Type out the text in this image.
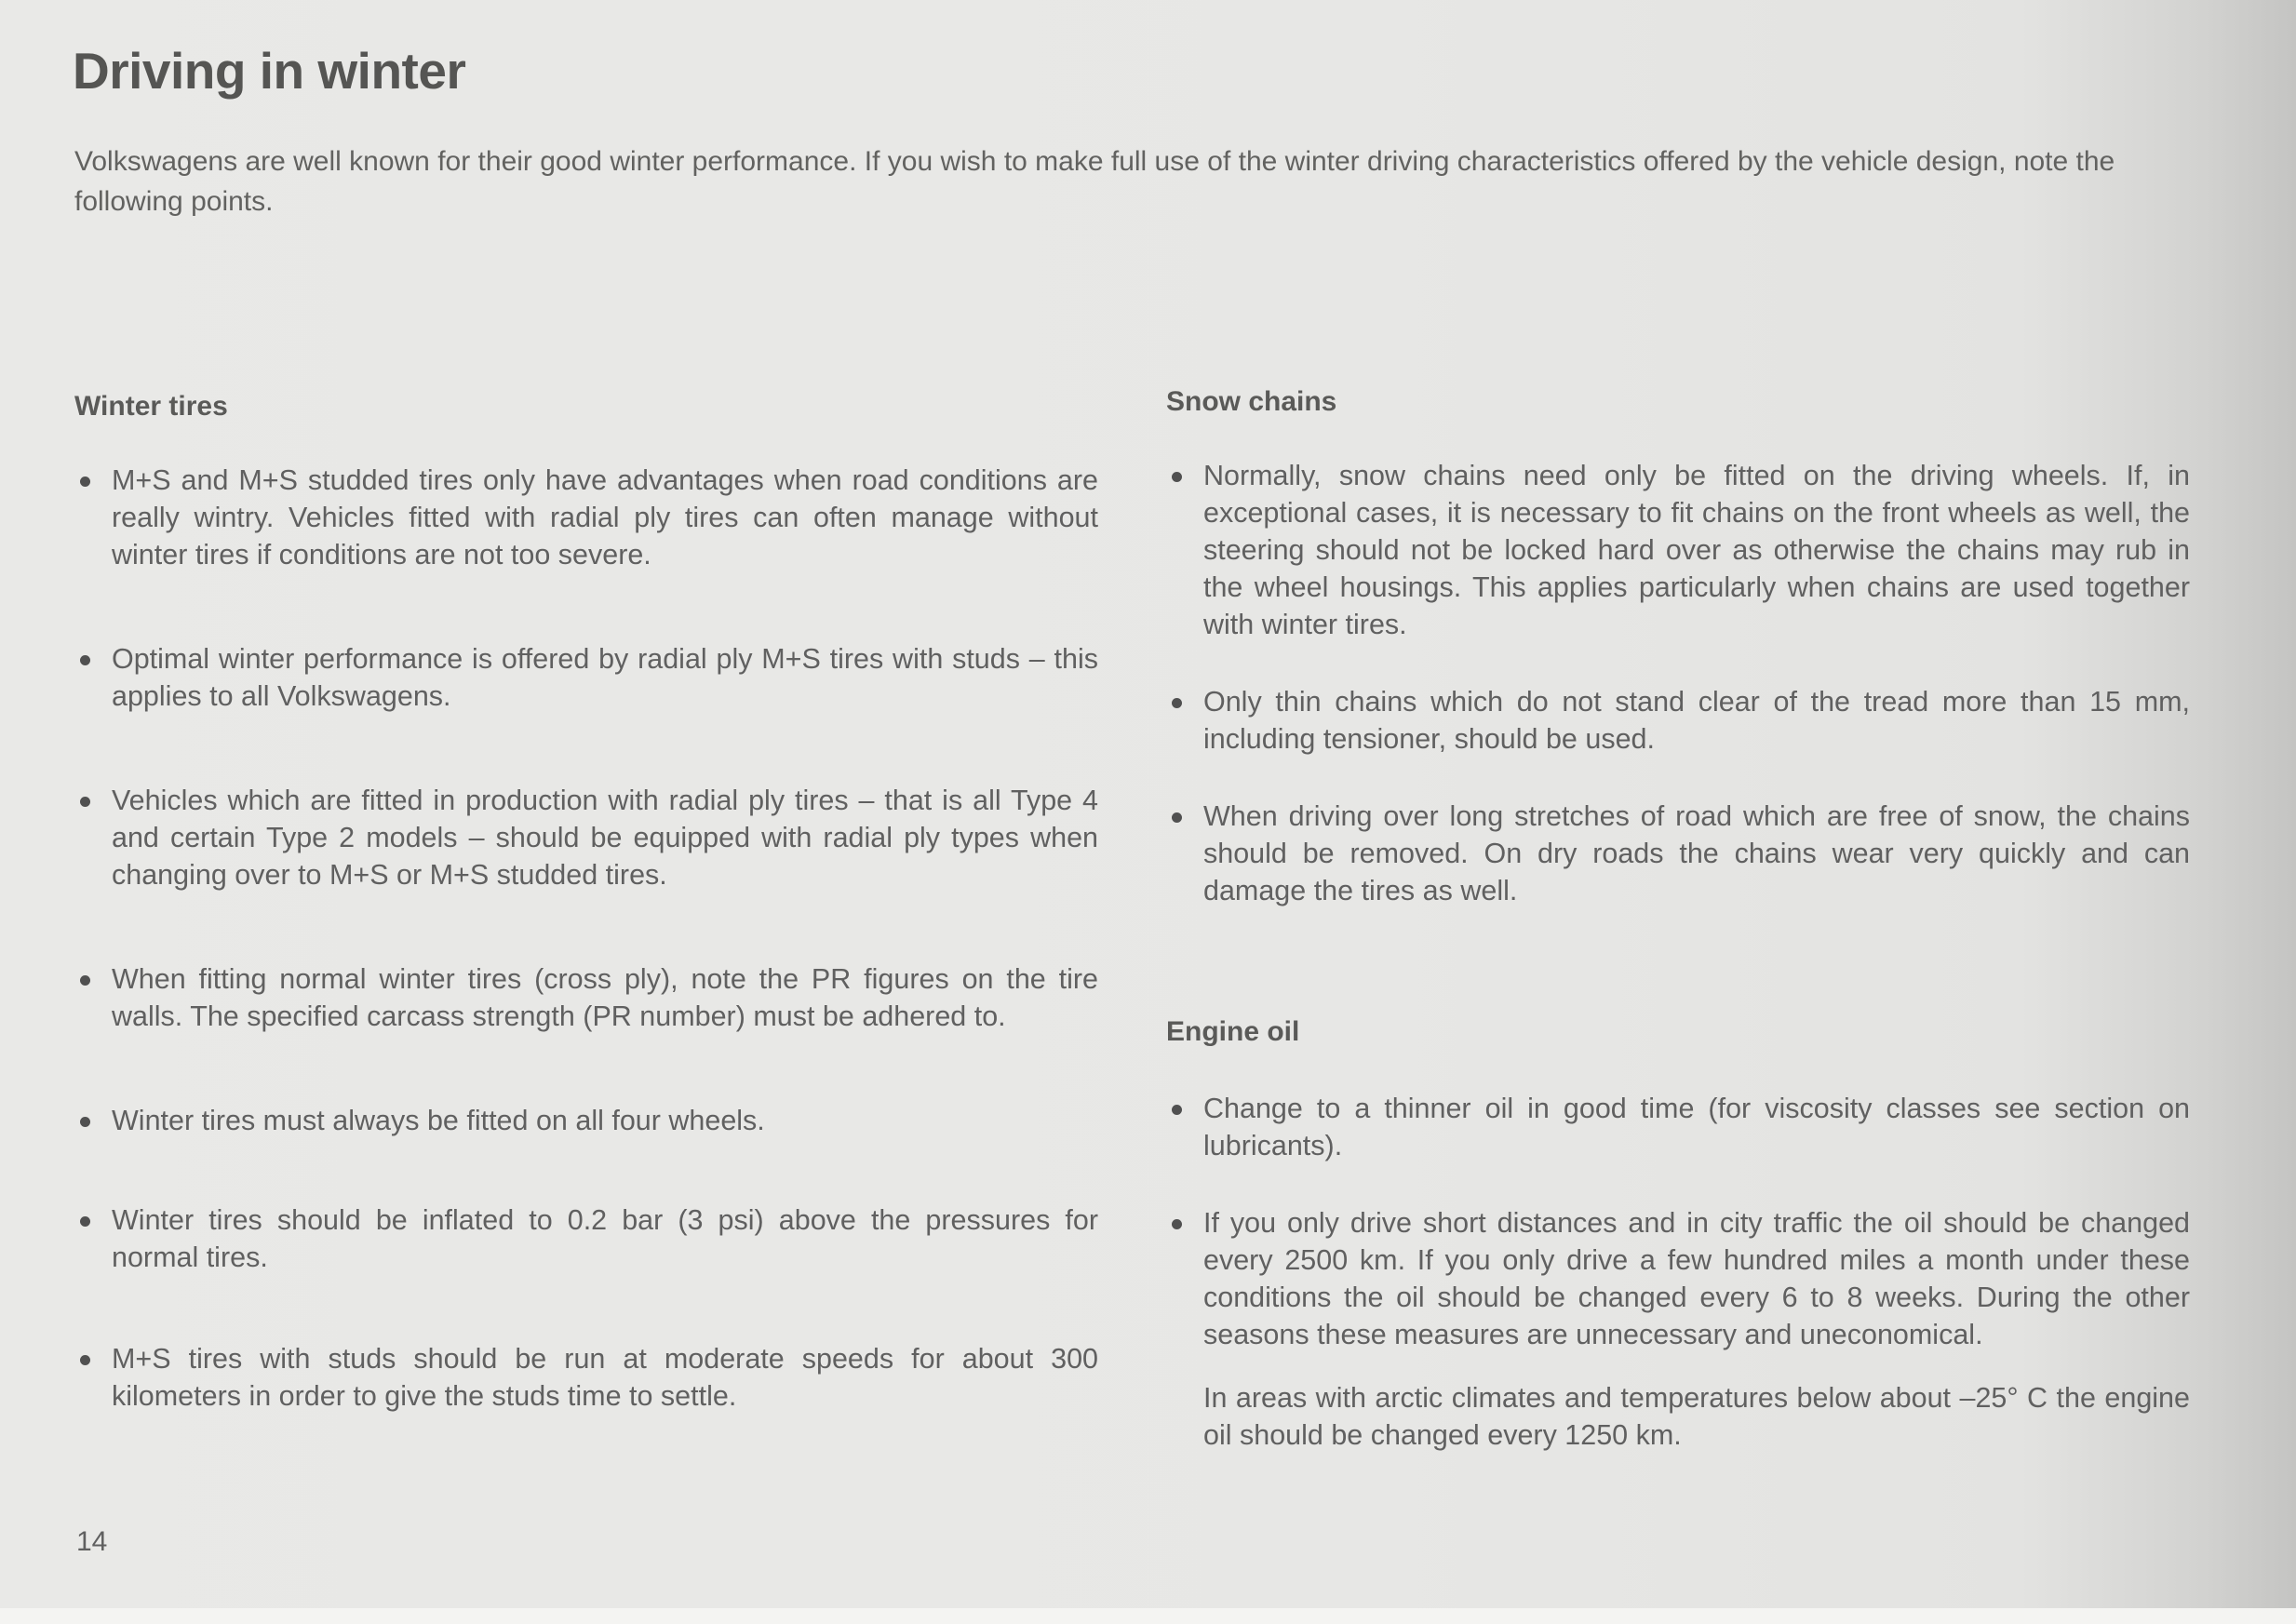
Driving in winter

Volkswagens are well known for their good winter performance. If you wish to make full use of the winter driving characteristics offered by the vehicle design, note the following points.

Winter tires
M+S and M+S studded tires only have advantages when road conditions are really wintry. Vehicles fitted with radial ply tires can often manage without winter tires if conditions are not too severe.
Optimal winter performance is offered by radial ply M+S tires with studs – this applies to all Volkswagens.
Vehicles which are fitted in production with radial ply tires – that is all Type 4 and certain Type 2 models – should be equipped with radial ply types when changing over to M+S or M+S studded tires.
When fitting normal winter tires (cross ply), note the PR figures on the tire walls. The specified carcass strength (PR number) must be adhered to.
Winter tires must always be fitted on all four wheels.
Winter tires should be inflated to 0.2 bar (3 psi) above the pressures for normal tires.
M+S tires with studs should be run at moderate speeds for about 300 kilometers in order to give the studs time to settle.
Snow chains
Normally, snow chains need only be fitted on the driving wheels. If, in exceptional cases, it is necessary to fit chains on the front wheels as well, the steering should not be locked hard over as otherwise the chains may rub in the wheel housings. This applies particularly when chains are used together with winter tires.
Only thin chains which do not stand clear of the tread more than 15 mm, including tensioner, should be used.
When driving over long stretches of road which are free of snow, the chains should be removed. On dry roads the chains wear very quickly and can damage the tires as well.
Engine oil
Change to a thinner oil in good time (for viscosity classes see section on lubricants).
If you only drive short distances and in city traffic the oil should be changed every 2500 km. If you only drive a few hundred miles a month under these conditions the oil should be changed every 6 to 8 weeks. During the other seasons these measures are unnecessary and uneconomical.

In areas with arctic climates and temperatures below about –25° C the engine oil should be changed every 1250 km.

14
